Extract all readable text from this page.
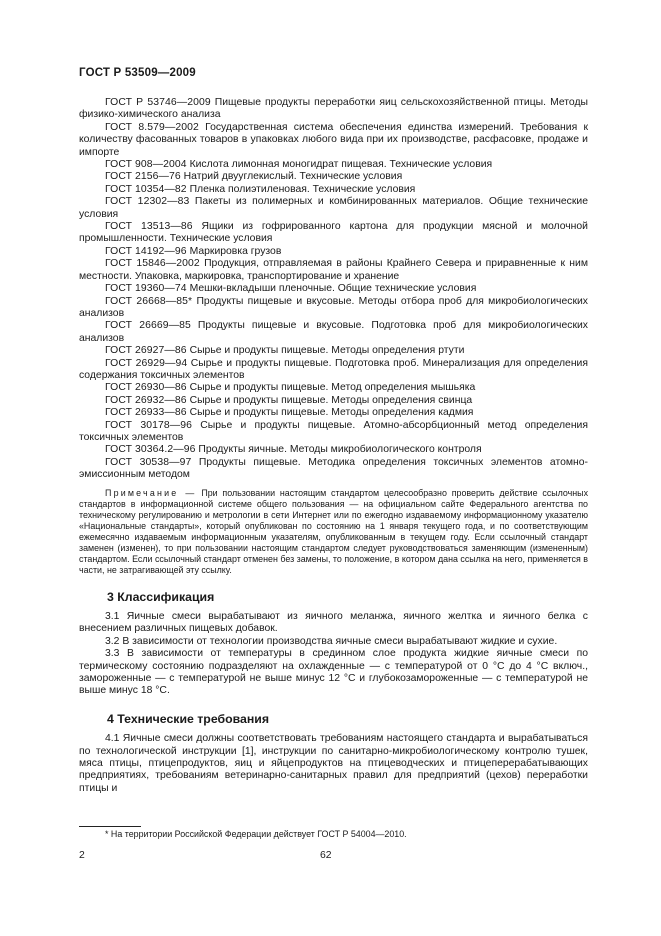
ГОСТ Р 53509—2009

ГОСТ Р 53746—2009 Пищевые продукты переработки яиц сельскохозяйственной птицы. Методы физико-химического анализа

ГОСТ 8.579—2002 Государственная система обеспечения единства измерений. Требования к количеству фасованных товаров в упаковках любого вида при их производстве, расфасовке, продаже и импорте

ГОСТ 908—2004 Кислота лимонная моногидрат пищевая. Технические условия

ГОСТ 2156—76 Натрий двууглекислый. Технические условия

ГОСТ 10354—82 Пленка полиэтиленовая. Технические условия

ГОСТ 12302—83 Пакеты из полимерных и комбинированных материалов. Общие технические условия

ГОСТ 13513—86 Ящики из гофрированного картона для продукции мясной и молочной промышленности. Технические условия

ГОСТ 14192—96 Маркировка грузов

ГОСТ 15846—2002 Продукция, отправляемая в районы Крайнего Севера и приравненные к ним местности. Упаковка, маркировка, транспортирование и хранение

ГОСТ 19360—74 Мешки-вкладыши пленочные. Общие технические условия

ГОСТ 26668—85* Продукты пищевые и вкусовые. Методы отбора проб для микробиологических анализов

ГОСТ 26669—85 Продукты пищевые и вкусовые. Подготовка проб для микробиологических анализов

ГОСТ 26927—86 Сырье и продукты пищевые. Методы определения ртути

ГОСТ 26929—94 Сырье и продукты пищевые. Подготовка проб. Минерализация для определения содержания токсичных элементов

ГОСТ 26930—86 Сырье и продукты пищевые. Метод определения мышьяка

ГОСТ 26932—86 Сырье и продукты пищевые. Методы определения свинца

ГОСТ 26933—86 Сырье и продукты пищевые. Методы определения кадмия

ГОСТ 30178—96 Сырье и продукты пищевые. Атомно-абсорбционный метод определения токсичных элементов

ГОСТ 30364.2—96 Продукты яичные. Методы микробиологического контроля

ГОСТ 30538—97 Продукты пищевые. Методика определения токсичных элементов атомно-эмиссионным методом

Примечание — При пользовании настоящим стандартом целесообразно проверить действие ссылочных стандартов в информационной системе общего пользования — на официальном сайте Федерального агентства по техническому регулированию и метрологии в сети Интернет или по ежегодно издаваемому информационному указателю «Национальные стандарты», который опубликован по состоянию на 1 января текущего года, и по соответствующим ежемесячно издаваемым информационным указателям, опубликованным в текущем году. Если ссылочный стандарт заменен (изменен), то при пользовании настоящим стандартом следует руководствоваться заменяющим (измененным) стандартом. Если ссылочный стандарт отменен без замены, то положение, в котором дана ссылка на него, применяется в части, не затрагивающей эту ссылку.

3 Классификация

3.1 Яичные смеси вырабатывают из яичного меланжа, яичного желтка и яичного белка с внесением различных пищевых добавок.

3.2 В зависимости от технологии производства яичные смеси вырабатывают жидкие и сухие.

3.3 В зависимости от температуры в срединном слое продукта жидкие яичные смеси по термическому состоянию подразделяют на охлажденные — с температурой от 0 °С до 4 °С включ., замороженные — с температурой не выше минус 12 °С и глубокозамороженные — с температурой не выше минус 18 °С.

4 Технические требования

4.1 Яичные смеси должны соответствовать требованиям настоящего стандарта и вырабатываться по технологической инструкции [1], инструкции по санитарно-микробиологическому контролю тушек, мяса птицы, птицепродуктов, яиц и яйцепродуктов на птицеводческих и птицеперерабатывающих предприятиях, требованиям ветеринарно-санитарных правил для предприятий (цехов) переработки птицы и

* На территории Российской Федерации действует ГОСТ Р 54004—2010.
2	62
